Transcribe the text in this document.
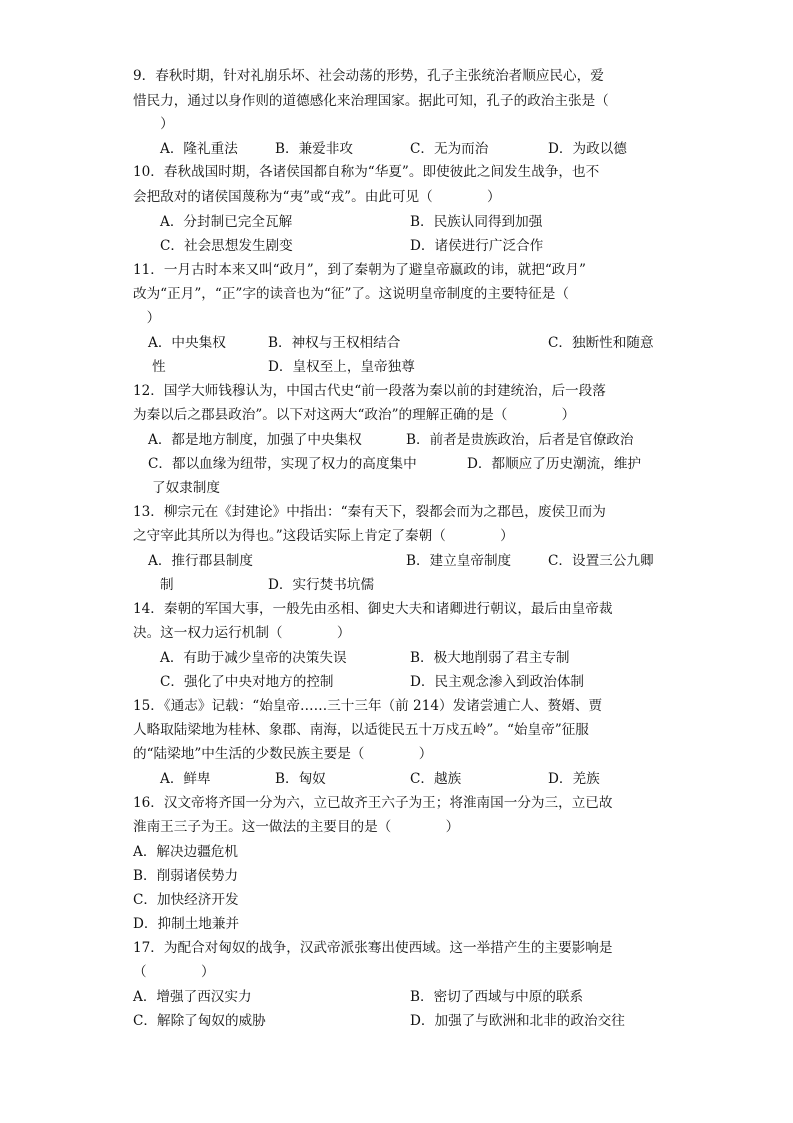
9．春秋时期，针对礼崩乐坏、社会动荡的形势，孔子主张统治者顺应民心，爱
惜民力，通过以身作则的道德感化来治理国家。据此可知，孔子的政治主张是（
　　）
A．隆礼重法	B．兼爱非攻	C．无为而治	D．为政以德
10．春秋战国时期，各诸侯国都自称为“华夏”。即使彼此之间发生战争，也不
会把敌对的诸侯国蔑称为“夷”或“戎”。由此可见（　　　　）
A．分封制已完全瓦解	B．民族认同得到加强
C．社会思想发生剧变	D．诸侯进行广泛合作
11．一月古时本来又叫“政月”，到了秦朝为了避皇帝嬴政的讳，就把“政月”
改为“正月”，“正”字的读音也为“征”了。这说明皇帝制度的主要特征是（
　）
A．中央集权	B．神权与王权相结合	C．独断性和随意
性	D．皇权至上，皇帝独尊
12．国学大师钱穆认为，中国古代史“前一段落为秦以前的封建统治，后一段落
为秦以后之郡县政治”。以下对这两大“政治”的理解正确的是（　　　　）
A．都是地方制度，加强了中央集权	B．前者是贵族政治，后者是官僚政治
C．都以血缘为纽带，实现了权力的高度集中	D．都顺应了历史潮流，维护
了奴隶制度
13．柳宗元在《封建论》中指出：“秦有天下，裂都会而为之郡邑，废侯卫而为
之守宰此其所以为得也。”这段话实际上肯定了秦朝（　　　　）
A．推行郡县制度	B．建立皇帝制度	C．设置三公九卿
制	D．实行焚书坑儒
14．秦朝的军国大事，一般先由丞相、御史大夫和诸卿进行朝议，最后由皇帝裁
决。这一权力运行机制（　　　　）
A．有助于减少皇帝的决策失误	B．极大地削弱了君主专制
C．强化了中央对地方的控制	D．民主观念渗入到政治体制
15．《通志》记载：“始皇帝……三十三年（前 214）发诸尝逋亡人、赘婿、贾
人略取陆梁地为桂林、象郡、南海，以适徙民五十万戍五岭”。“始皇帝”征服
的“陆梁地”中生活的少数民族主要是（　　　　）
A．鲜卑	B．匈奴	C．越族	D．羌族
16．汉文帝将齐国一分为六，立已故齐王六子为王；将淮南国一分为三，立已故
淮南王三子为王。这一做法的主要目的是（　　　　）
A．解决边疆危机
B．削弱诸侯势力
C．加快经济开发
D．抑制土地兼并
17．为配合对匈奴的战争，汉武帝派张骞出使西域。这一举措产生的主要影响是
（　　　　）
A．增强了西汉实力	B．密切了西域与中原的联系
C．解除了匈奴的威胁	D．加强了与欧洲和北非的政治交往
